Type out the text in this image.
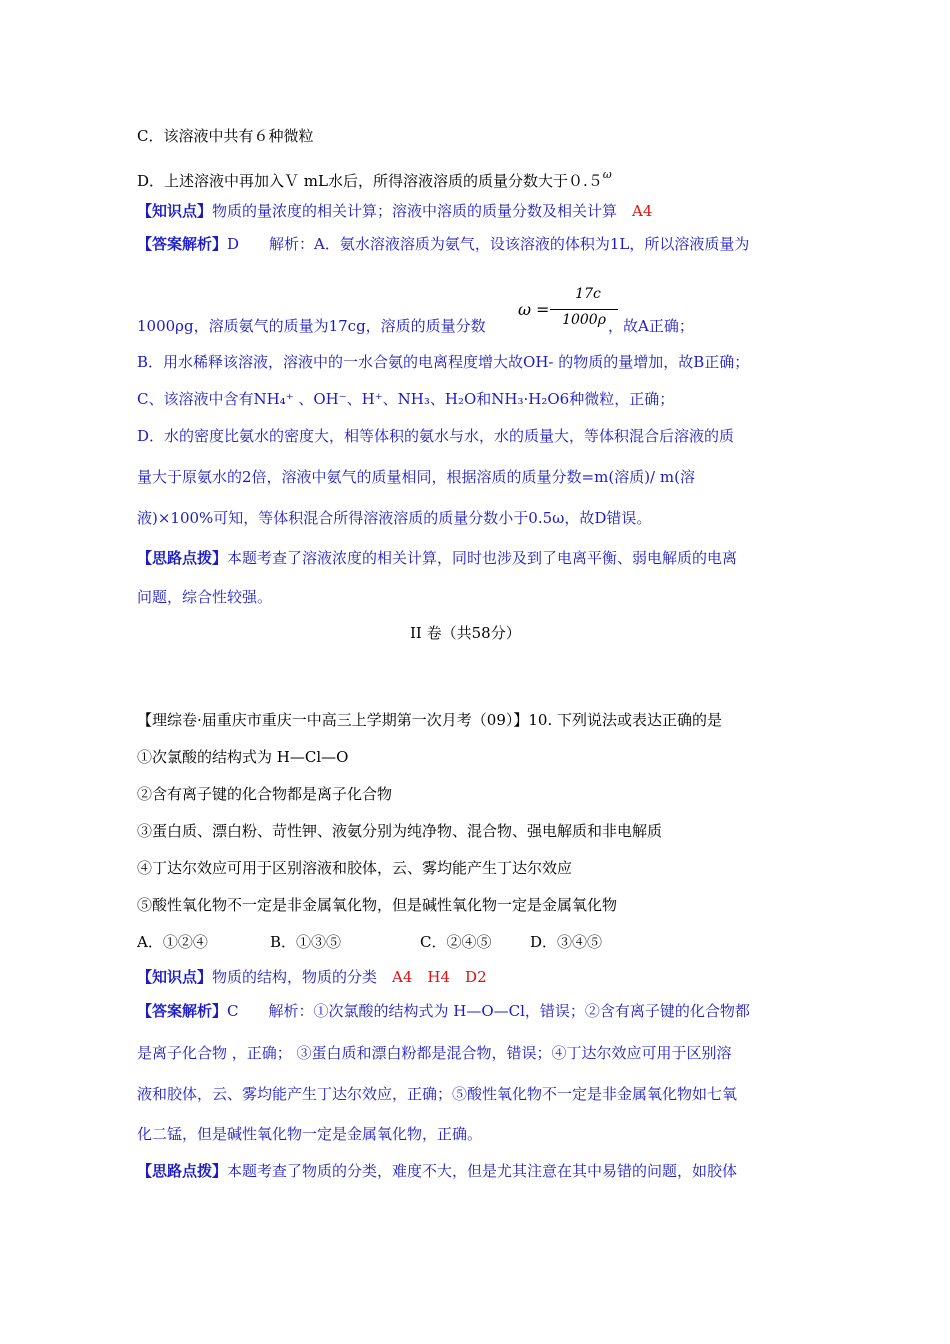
C．该溶液中共有６种微粒
D．上述溶液中再加入Ｖ mL水后，所得溶液溶质的质量分数大于$0.5^\omega$
【知识点】物质的量浓度的相关计算；溶液中溶质的质量分数及相关计算　 A4
【答案解析】D　　解析：A．氨水溶液溶质为氨气，设该溶液的体积为1L，所以溶液质量为
ω =
17c
1000ρ
1000ρg，溶质氨气的质量为17cg，溶质的质量分数	，故A正确；
B．用水稀释该溶液，溶液中的一水合氨的电离程度增大故OH- 的物质的量增加，故B正确；
C、该溶液中含有NH₄⁺ 、OH⁻、H⁺、NH₃、H₂O和NH₃·H₂O6种微粒，正确；
D．水的密度比氨水的密度大，相等体积的氨水与水，水的质量大，等体积混合后溶液的质
量大于原氨水的2倍，溶液中氨气的质量相同，根据溶质的质量分数=m(溶质)/ m(溶
液)×100%可知，等体积混合所得溶液溶质的质量分数小于0.5ω，故D错误。
【思路点拨】本题考查了溶液浓度的相关计算，同时也涉及到了电离平衡、弱电解质的电离
问题，综合性较强。
II 卷（共58分）
【理综卷·届重庆市重庆一中高三上学期第一次月考（09）】10. 下列说法或表达正确的是
①次氯酸的结构式为 H—Cl—O
②含有离子键的化合物都是离子化合物
③蛋白质、漂白粉、苛性钾、液氨分别为纯净物、混合物、强电解质和非电解质
④丁达尔效应可用于区别溶液和胶体，云、雾均能产生丁达尔效应
⑤酸性氧化物不一定是非金属氧化物，但是碱性氧化物一定是金属氧化物
A．①②④	B．①③⑤	C．②④⑤	D．③④⑤
【知识点】物质的结构，物质的分类　 A4　H4　D2
【答案解析】C　　解析：①次氯酸的结构式为 H—O—Cl，错误；②含有离子键的化合物都
是离子化合物 ，正确； ③蛋白质和漂白粉都是混合物，错误；④丁达尔效应可用于区别溶
液和胶体，云、雾均能产生丁达尔效应，正确；⑤酸性氧化物不一定是非金属氧化物如七氧
化二锰，但是碱性氧化物一定是金属氧化物，正确。
【思路点拨】本题考查了物质的分类，难度不大，但是尤其注意在其中易错的问题，如胶体
